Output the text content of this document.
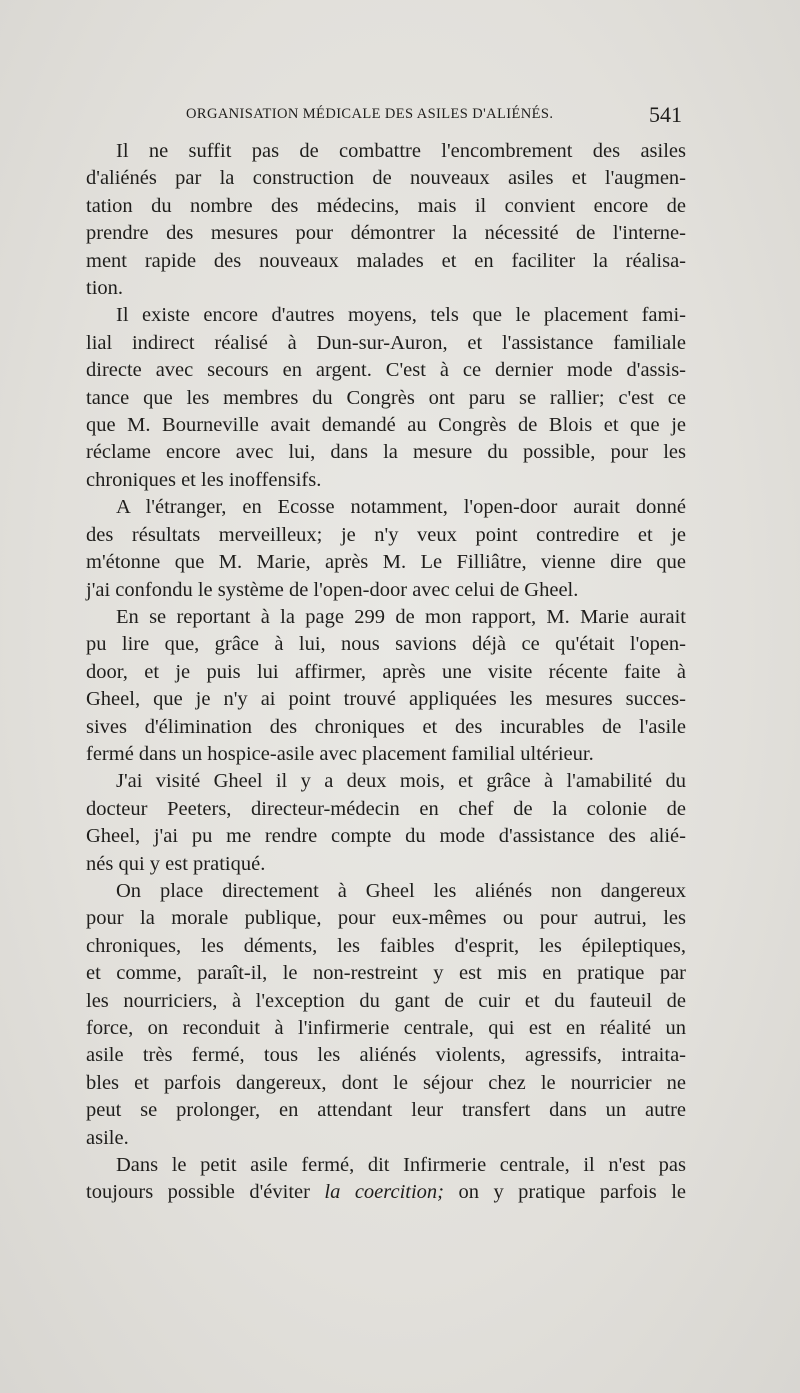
ORGANISATION MÉDICALE DES ASILES D'ALIÉNÉS.	541

Il ne suffit pas de combattre l'encombrement des asiles
d'aliénés par la construction de nouveaux asiles et l'augmen-
tation du nombre des médecins, mais il convient encore de
prendre des mesures pour démontrer la nécessité de l'interne-
ment rapide des nouveaux malades et en faciliter la réalisa-
tion.

Il existe encore d'autres moyens, tels que le placement fami-
lial indirect réalisé à Dun-sur-Auron, et l'assistance familiale
directe avec secours en argent. C'est à ce dernier mode d'assis-
tance que les membres du Congrès ont paru se rallier; c'est ce
que M. Bourneville avait demandé au Congrès de Blois et que je
réclame encore avec lui, dans la mesure du possible, pour les
chroniques et les inoffensifs.

A l'étranger, en Ecosse notamment, l'open-door aurait donné
des résultats merveilleux; je n'y veux point contredire et je
m'étonne que M. Marie, après M. Le Filliâtre, vienne dire que
j'ai confondu le système de l'open-door avec celui de Gheel.

En se reportant à la page 299 de mon rapport, M. Marie aurait
pu lire que, grâce à lui, nous savions déjà ce qu'était l'open-
door, et je puis lui affirmer, après une visite récente faite à
Gheel, que je n'y ai point trouvé appliquées les mesures succes-
sives d'élimination des chroniques et des incurables de l'asile
fermé dans un hospice-asile avec placement familial ultérieur.

J'ai visité Gheel il y a deux mois, et grâce à l'amabilité du
docteur Peeters, directeur-médecin en chef de la colonie de
Gheel, j'ai pu me rendre compte du mode d'assistance des alié-
nés qui y est pratiqué.

On place directement à Gheel les aliénés non dangereux
pour la morale publique, pour eux-mêmes ou pour autrui, les
chroniques, les déments, les faibles d'esprit, les épileptiques,
et comme, paraît-il, le non-restreint y est mis en pratique par
les nourriciers, à l'exception du gant de cuir et du fauteuil de
force, on reconduit à l'infirmerie centrale, qui est en réalité un
asile très fermé, tous les aliénés violents, agressifs, intraita-
bles et parfois dangereux, dont le séjour chez le nourricier ne
peut se prolonger, en attendant leur transfert dans un autre
asile.

Dans le petit asile fermé, dit Infirmerie centrale, il n'est pas
toujours possible d'éviter la coercition; on y pratique parfois le
